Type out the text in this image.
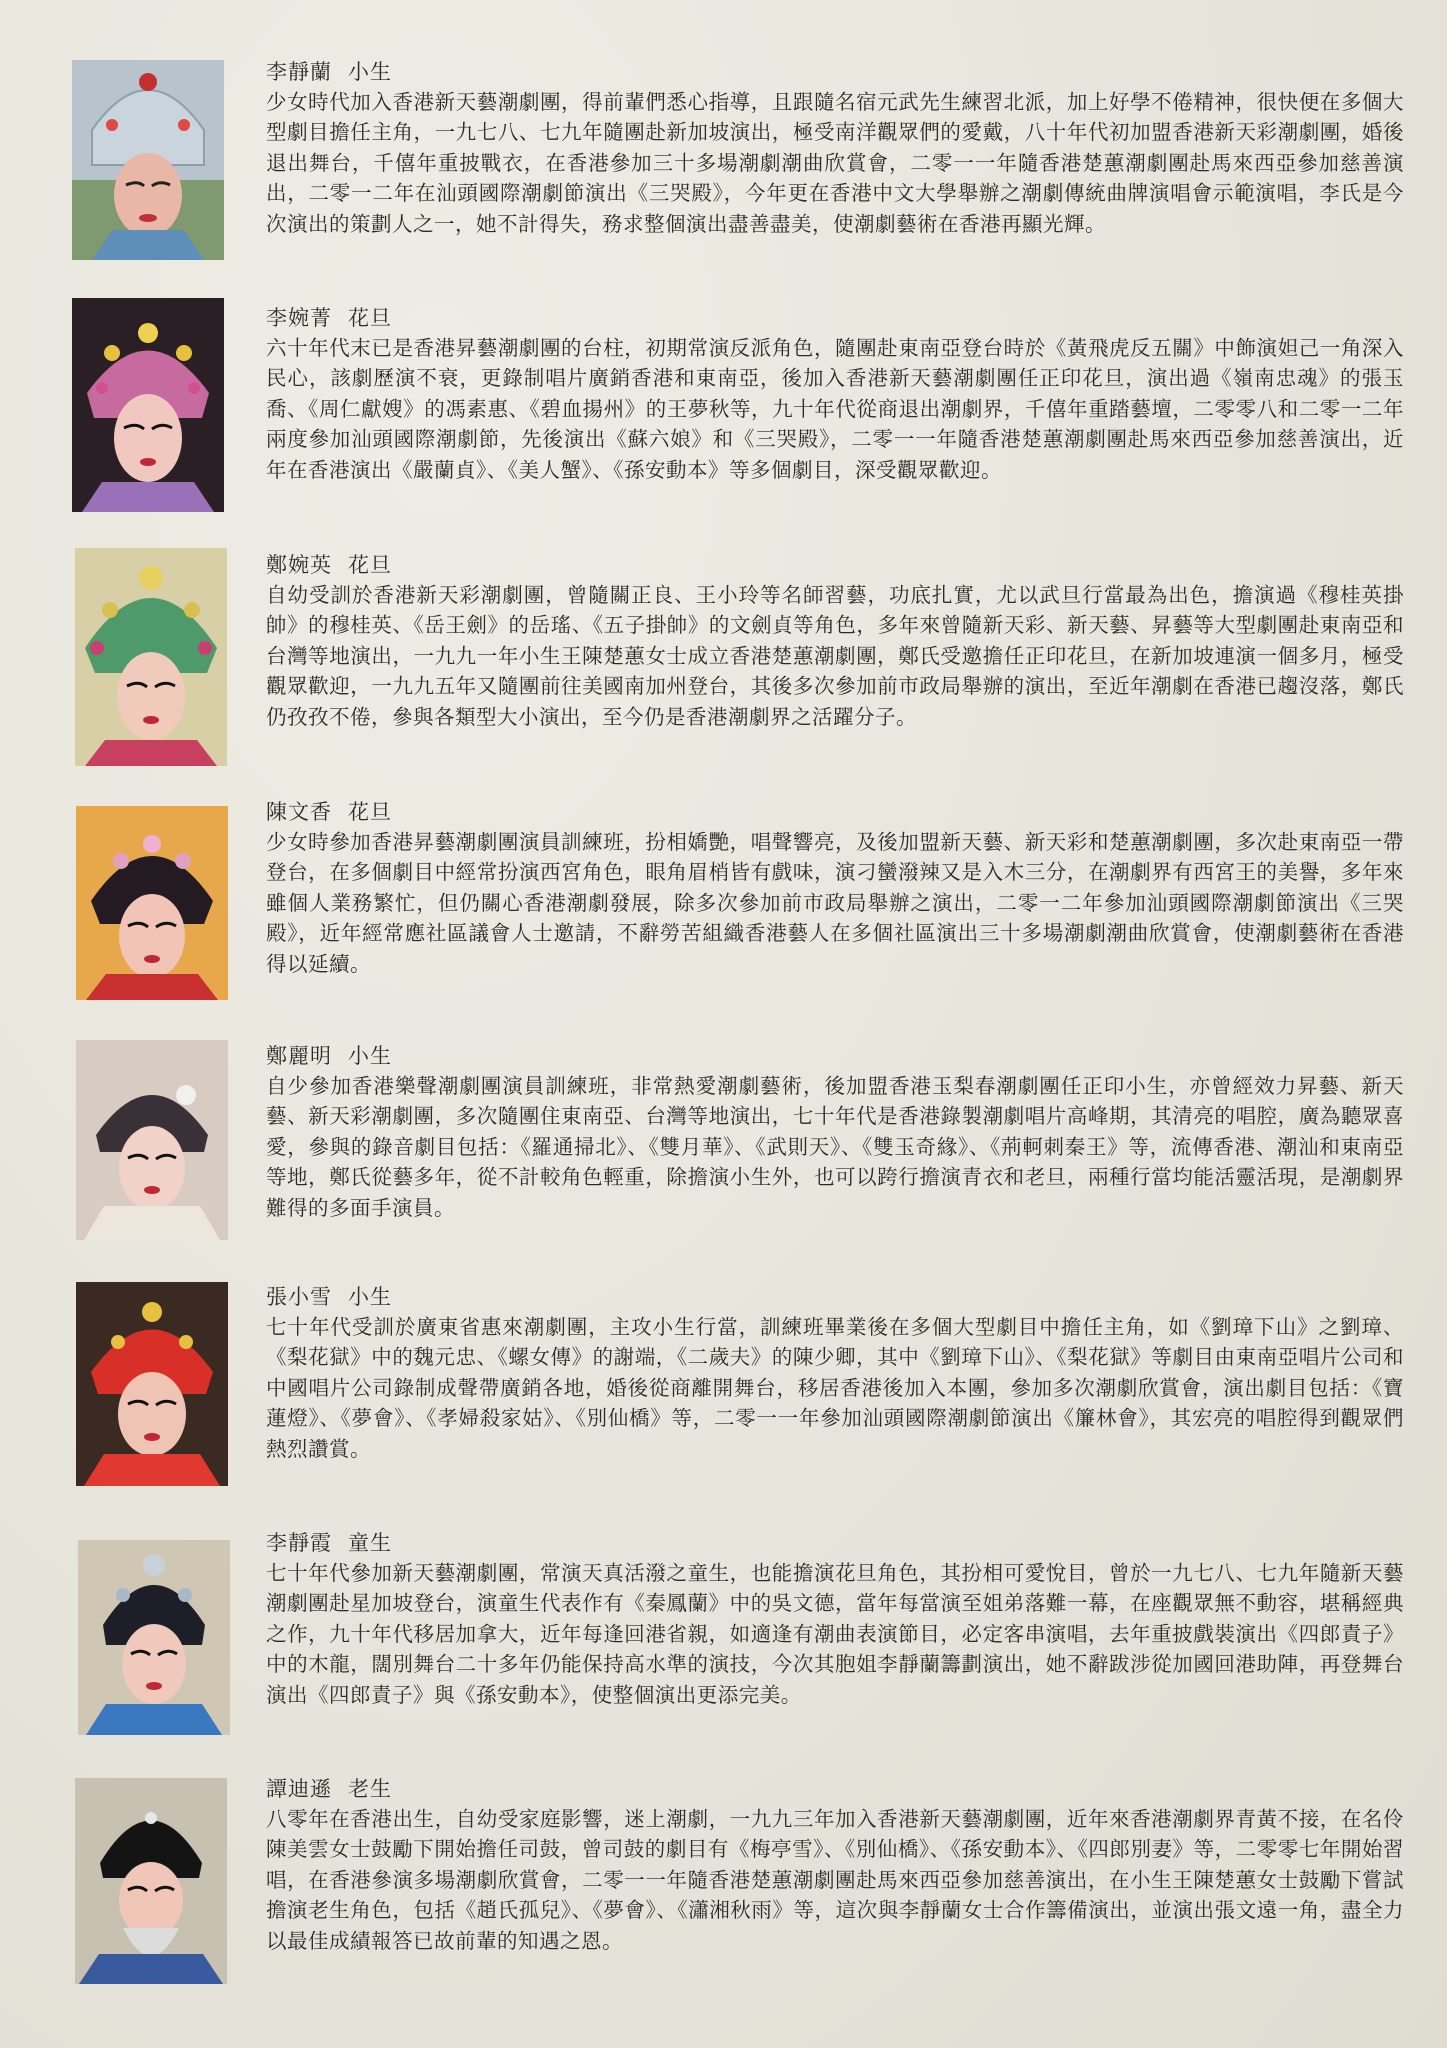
李靜蘭 小生

少女時代加入香港新天藝潮劇團，得前輩們悉心指導，且跟隨名宿元武先生練習北派，加上好學不倦精神，很快便在多個大型劇目擔任主角，一九七八、七九年隨團赴新加坡演出，極受南洋觀眾們的愛戴，八十年代初加盟香港新天彩潮劇團，婚後退出舞台，千僖年重披戰衣，在香港參加三十多場潮劇潮曲欣賞會，二零一一年隨香港楚蕙潮劇團赴馬來西亞參加慈善演出，二零一二年在汕頭國際潮劇節演出《三哭殿》，今年更在香港中文大學舉辦之潮劇傳統曲牌演唱會示範演唱，李氏是今次演出的策劃人之一，她不計得失，務求整個演出盡善盡美，使潮劇藝術在香港再顯光輝。

李婉菁 花旦

六十年代末已是香港昇藝潮劇團的台柱，初期常演反派角色，隨團赴東南亞登台時於《黃飛虎反五關》中飾演妲己一角深入民心，該劇歷演不衰，更錄制唱片廣銷香港和東南亞，後加入香港新天藝潮劇團任正印花旦，演出過《嶺南忠魂》的張玉喬、《周仁獻嫂》的馮素惠、《碧血揚州》的王夢秋等，九十年代從商退出潮劇界，千僖年重踏藝壇，二零零八和二零一二年兩度參加汕頭國際潮劇節，先後演出《蘇六娘》和《三哭殿》，二零一一年隨香港楚蕙潮劇團赴馬來西亞參加慈善演出，近年在香港演出《嚴蘭貞》、《美人蟹》、《孫安動本》等多個劇目，深受觀眾歡迎。

鄭婉英 花旦

自幼受訓於香港新天彩潮劇團，曾隨關正良、王小玲等名師習藝，功底扎實，尤以武旦行當最為出色，擔演過《穆桂英掛帥》的穆桂英、《岳王劍》的岳瑤、《五子掛帥》的文劍貞等角色，多年來曾隨新天彩、新天藝、昇藝等大型劇團赴東南亞和台灣等地演出，一九九一年小生王陳楚蕙女士成立香港楚蕙潮劇團，鄭氏受邀擔任正印花旦，在新加坡連演一個多月，極受觀眾歡迎，一九九五年又隨團前往美國南加州登台，其後多次參加前市政局舉辦的演出，至近年潮劇在香港已趨沒落，鄭氏仍孜孜不倦，參與各類型大小演出，至今仍是香港潮劇界之活躍分子。

陳文香 花旦

少女時參加香港昇藝潮劇團演員訓練班，扮相嬌艷，唱聲響亮，及後加盟新天藝、新天彩和楚蕙潮劇團，多次赴東南亞一帶登台，在多個劇目中經常扮演西宮角色，眼角眉梢皆有戲味，演刁蠻潑辣又是入木三分，在潮劇界有西宮王的美譽，多年來雖個人業務繁忙，但仍關心香港潮劇發展，除多次參加前市政局舉辦之演出，二零一二年參加汕頭國際潮劇節演出《三哭殿》，近年經常應社區議會人士邀請，不辭勞苦組織香港藝人在多個社區演出三十多場潮劇潮曲欣賞會，使潮劇藝術在香港得以延續。

鄭麗明 小生

自少參加香港樂聲潮劇團演員訓練班，非常熱愛潮劇藝術，後加盟香港玉梨春潮劇團任正印小生，亦曾經效力昇藝、新天藝、新天彩潮劇團，多次隨團住東南亞、台灣等地演出，七十年代是香港錄製潮劇唱片高峰期，其清亮的唱腔，廣為聽眾喜愛，參與的錄音劇目包括：《羅通掃北》、《雙月華》、《武則天》、《雙玉奇緣》、《荊軻刺秦王》等，流傳香港、潮汕和東南亞等地，鄭氏從藝多年，從不計較角色輕重，除擔演小生外，也可以跨行擔演青衣和老旦，兩種行當均能活靈活現，是潮劇界難得的多面手演員。

張小雪 小生

七十年代受訓於廣東省惠來潮劇團，主攻小生行當，訓練班畢業後在多個大型劇目中擔任主角，如《劉璋下山》之劉璋、《梨花獄》中的魏元忠、《螺女傳》的謝端，《二歲夫》的陳少卿，其中《劉璋下山》、《梨花獄》等劇目由東南亞唱片公司和中國唱片公司錄制成聲帶廣銷各地，婚後從商離開舞台，移居香港後加入本團，參加多次潮劇欣賞會，演出劇目包括：《寶蓮燈》、《夢會》、《孝婦殺家姑》、《別仙橋》等，二零一一年參加汕頭國際潮劇節演出《簾林會》，其宏亮的唱腔得到觀眾們熱烈讚賞。

李靜霞 童生

七十年代參加新天藝潮劇團，常演天真活潑之童生，也能擔演花旦角色，其扮相可愛悅目，曾於一九七八、七九年隨新天藝潮劇團赴星加坡登台，演童生代表作有《秦鳳蘭》中的吳文德，當年每當演至姐弟落難一幕，在座觀眾無不動容，堪稱經典之作，九十年代移居加拿大，近年每逢回港省親，如適逢有潮曲表演節目，必定客串演唱，去年重披戲裝演出《四郎責子》中的木龍，闊別舞台二十多年仍能保持高水準的演技，今次其胞姐李靜蘭籌劃演出，她不辭跋涉從加國回港助陣，再登舞台演出《四郎責子》與《孫安動本》，使整個演出更添完美。

譚迪遜 老生

八零年在香港出生，自幼受家庭影響，迷上潮劇，一九九三年加入香港新天藝潮劇團，近年來香港潮劇界青黃不接，在名伶陳美雲女士鼓勵下開始擔任司鼓，曾司鼓的劇目有《梅亭雪》、《別仙橋》、《孫安動本》、《四郎別妻》等，二零零七年開始習唱，在香港參演多場潮劇欣賞會，二零一一年隨香港楚蕙潮劇團赴馬來西亞參加慈善演出，在小生王陳楚蕙女士鼓勵下嘗試擔演老生角色，包括《趙氏孤兒》、《夢會》、《瀟湘秋雨》等，這次與李靜蘭女士合作籌備演出，並演出張文遠一角，盡全力以最佳成績報答已故前輩的知遇之恩。
